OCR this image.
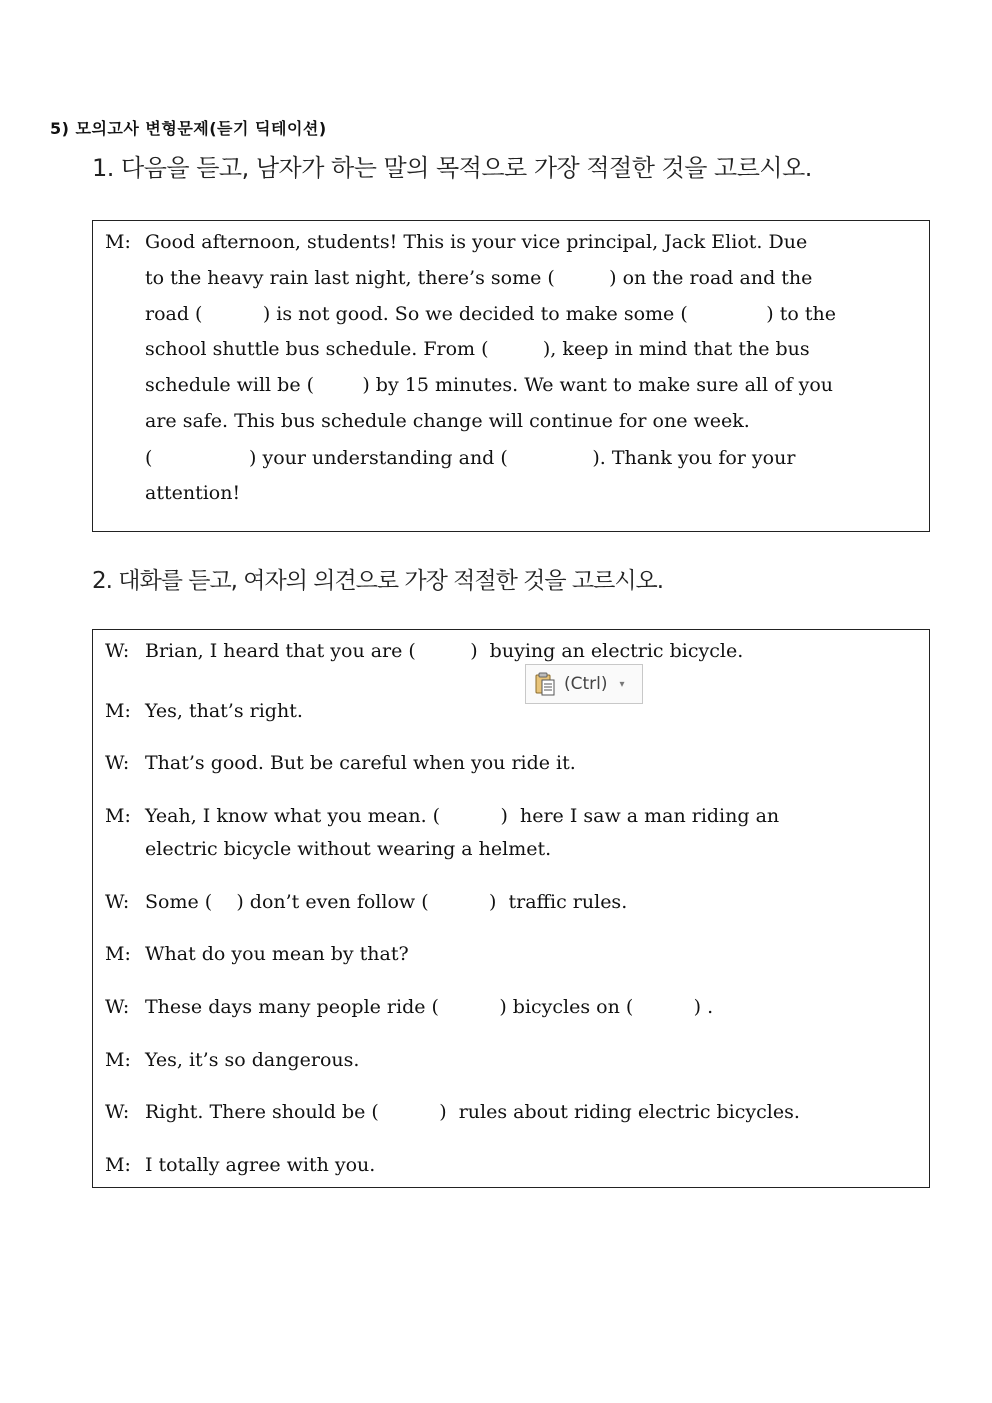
5) 모의고사 변형문제(듣기 딕테이션)
1. 다음을 듣고, 남자가 하는 말의 목적으로 가장 적절한 것을 고르시오.
M: Good afternoon, students! This is your vice principal, Jack Eliot. Due
to the heavy rain last night, there’s some (         ) on the road and the
road (          ) is not good. So we decided to make some (             ) to the
school shuttle bus schedule. From (         ), keep in mind that the bus
schedule will be (        ) by 15 minutes. We want to make sure all of you
are safe. This bus schedule change will continue for one week.
(                ) your understanding and (              ). Thank you for your
attention!
2. 대화를 듣고, 여자의 의견으로 가장 적절한 것을 고르시오.
W: Brian, I heard that you are (         )  buying an electric bicycle.
(Ctrl) ▾
M: Yes, that’s right.
W: That’s good. But be careful when you ride it.
M: Yeah, I know what you mean. (          )  here I saw a man riding an
electric bicycle without wearing a helmet.
W: Some (    ) don’t even follow (          )  traffic rules.
M: What do you mean by that?
W: These days many people ride (          ) bicycles on (          ) .
M: Yes, it’s so dangerous.
W: Right. There should be (          )  rules about riding electric bicycles.
M: I totally agree with you.
